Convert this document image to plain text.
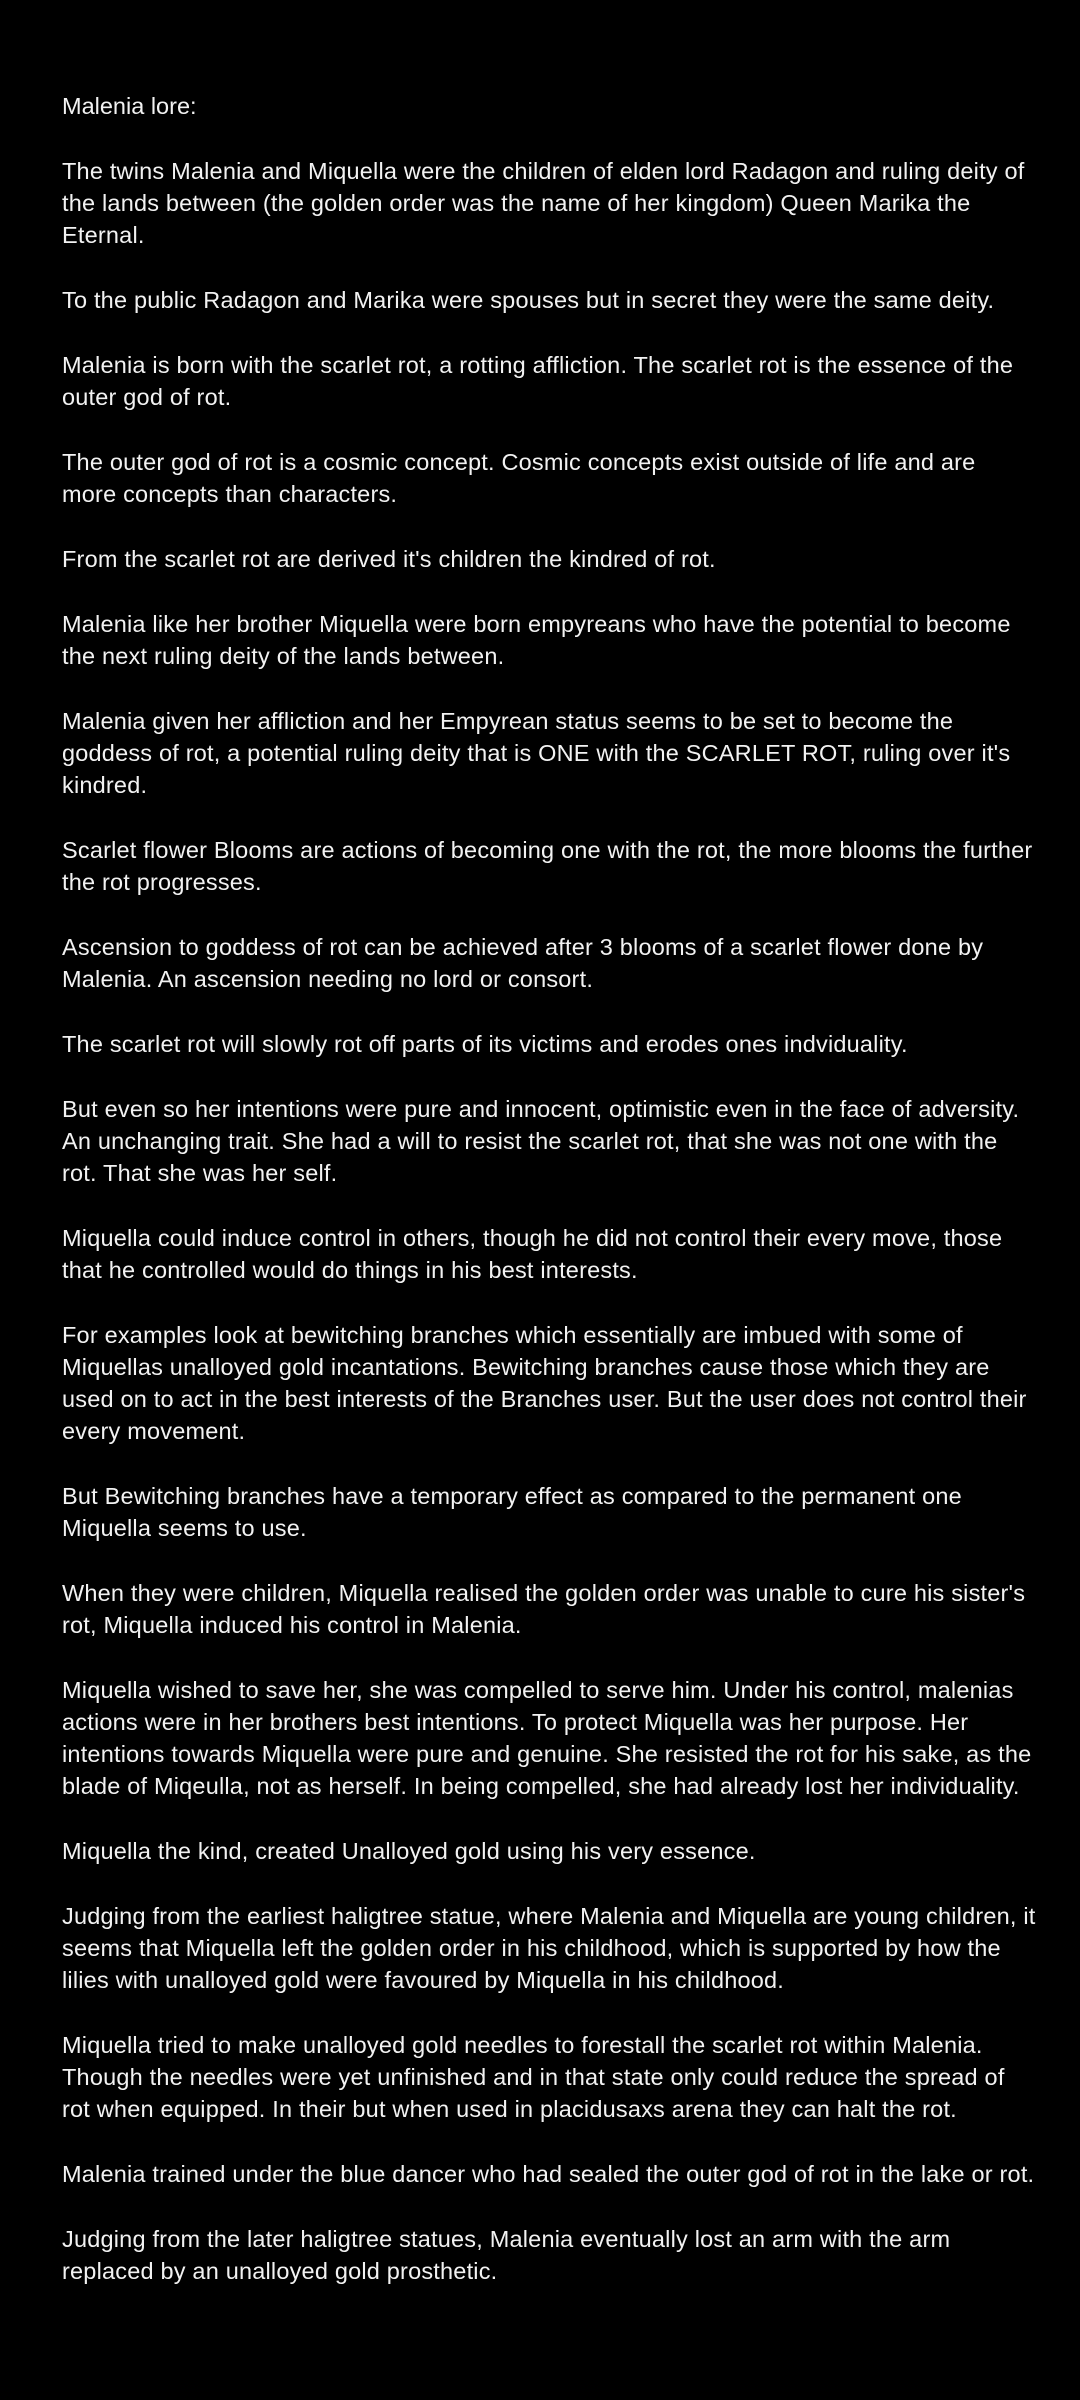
Malenia lore:

The twins Malenia and Miquella were the children of elden lord Radagon and ruling deity of
the lands between (the golden order was the name of her kingdom) Queen Marika the
Eternal.

To the public Radagon and Marika were spouses but in secret they were the same deity.

Malenia is born with the scarlet rot, a rotting affliction. The scarlet rot is the essence of the
outer god of rot.

The outer god of rot is a cosmic concept. Cosmic concepts exist outside of life and are
more concepts than characters.

From the scarlet rot are derived it's children the kindred of rot.

Malenia like her brother Miquella were born empyreans who have the potential to become
the next ruling deity of the lands between.

Malenia given her affliction and her Empyrean status seems to be set to become the
goddess of rot, a potential ruling deity that is ONE with the SCARLET ROT, ruling over it's
kindred.

Scarlet flower Blooms are actions of becoming one with the rot, the more blooms the further
the rot progresses.

Ascension to goddess of rot can be achieved after 3 blooms of a scarlet flower done by
Malenia. An ascension needing no lord or consort.

The scarlet rot will slowly rot off parts of its victims and erodes ones indviduality.

But even so her intentions were pure and innocent, optimistic even in the face of adversity.
An unchanging trait. She had a will to resist the scarlet rot, that she was not one with the
rot. That she was her self.

Miquella could induce control in others, though he did not control their every move, those
that he controlled would do things in his best interests.

For examples look at bewitching branches which essentially are imbued with some of
Miquellas unalloyed gold incantations. Bewitching branches cause those which they are
used on to act in the best interests of the Branches user. But the user does not control their
every movement.

But Bewitching branches have a temporary effect as compared to the permanent one
Miquella seems to use.

When they were children, Miquella realised the golden order was unable to cure his sister's
rot, Miquella induced his control in Malenia.

Miquella wished to save her, she was compelled to serve him. Under his control, malenias
actions were in her brothers best intentions. To protect Miquella was her purpose. Her
intentions towards Miquella were pure and genuine. She resisted the rot for his sake, as the
blade of Miqeulla, not as herself. In being compelled, she had already lost her individuality.

Miquella the kind, created Unalloyed gold using his very essence.

Judging from the earliest haligtree statue, where Malenia and Miquella are young children, it
seems that Miquella left the golden order in his childhood, which is supported by how the
lilies with unalloyed gold were favoured by Miquella in his childhood.

Miquella tried to make unalloyed gold needles to forestall the scarlet rot within Malenia.
Though the needles were yet unfinished and in that state only could reduce the spread of
rot when equipped. In their but when used in placidusaxs arena they can halt the rot.

Malenia trained under the blue dancer who had sealed the outer god of rot in the lake or rot.

Judging from the later haligtree statues, Malenia eventually lost an arm with the arm
replaced by an unalloyed gold prosthetic.
